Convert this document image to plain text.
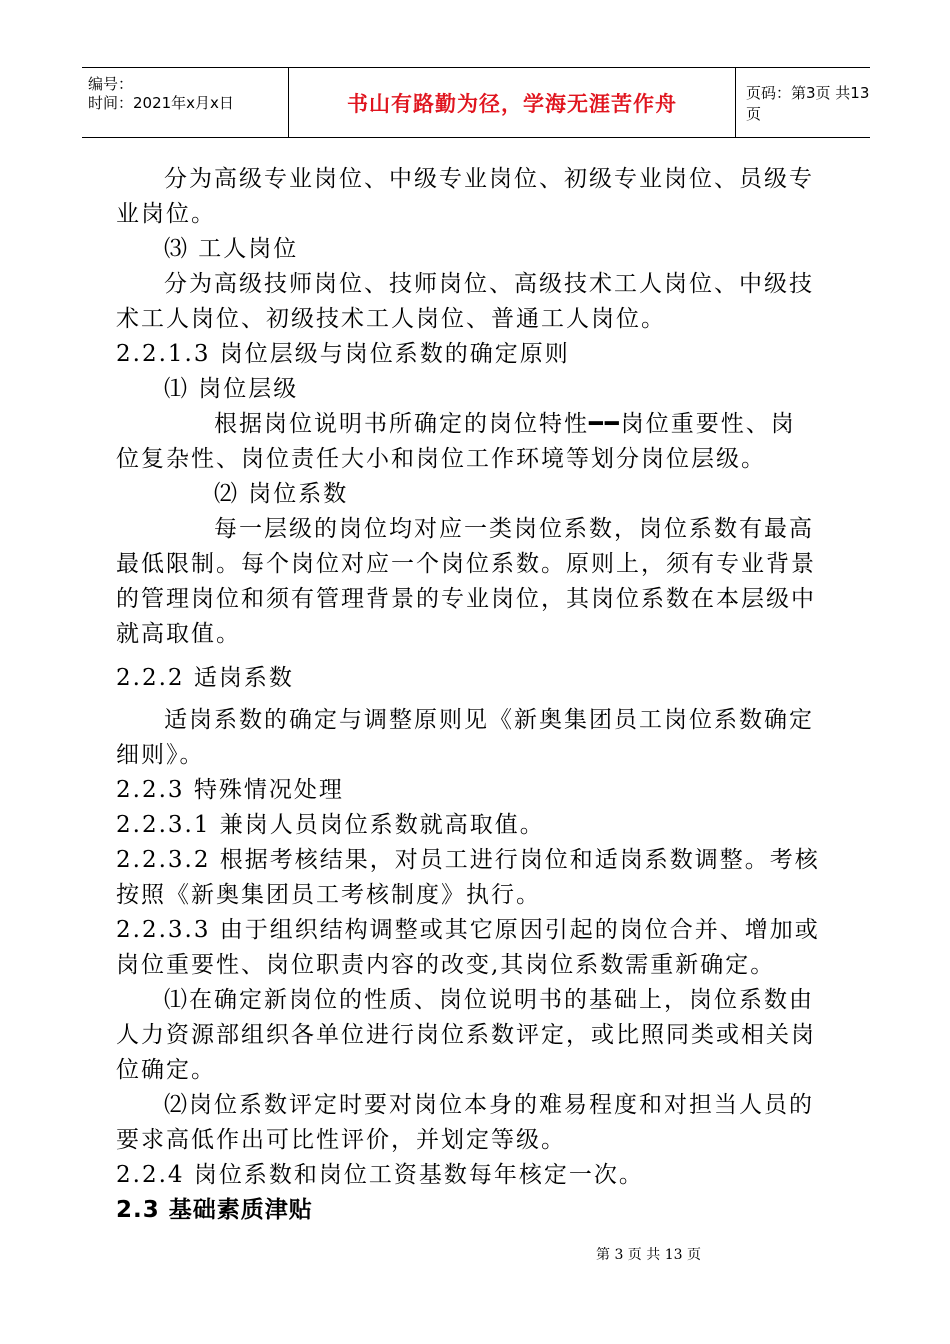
编号：
时间：2021年x月x日	书山有路勤为径，学海无涯苦作舟	页码：第3页 共13页
分为高级专业岗位、中级专业岗位、初级专业岗位、员级专
业岗位。
⑶ 工人岗位
分为高级技师岗位、技师岗位、高级技术工人岗位、中级技
术工人岗位、初级技术工人岗位、普通工人岗位。
2.2.1.3 岗位层级与岗位系数的确定原则
⑴ 岗位层级
根据岗位说明书所确定的岗位特性━━岗位重要性、岗
位复杂性、岗位责任大小和岗位工作环境等划分岗位层级。
⑵ 岗位系数
每一层级的岗位均对应一类岗位系数，岗位系数有最高
最低限制。每个岗位对应一个岗位系数。原则上，须有专业背景
的管理岗位和须有管理背景的专业岗位，其岗位系数在本层级中
就高取值。
2.2.2 适岗系数
适岗系数的确定与调整原则见《新奥集团员工岗位系数确定
细则》。
2.2.3 特殊情况处理
2.2.3.1 兼岗人员岗位系数就高取值。
2.2.3.2 根据考核结果，对员工进行岗位和适岗系数调整。考核
按照《新奥集团员工考核制度》执行。
2.2.3.3 由于组织结构调整或其它原因引起的岗位合并、增加或
岗位重要性、岗位职责内容的改变,其岗位系数需重新确定。
⑴在确定新岗位的性质、岗位说明书的基础上，岗位系数由
人力资源部组织各单位进行岗位系数评定，或比照同类或相关岗
位确定。
⑵岗位系数评定时要对岗位本身的难易程度和对担当人员的
要求高低作出可比性评价，并划定等级。
2.2.4 岗位系数和岗位工资基数每年核定一次。
2.3 基础素质津贴
第 3 页 共 13 页
